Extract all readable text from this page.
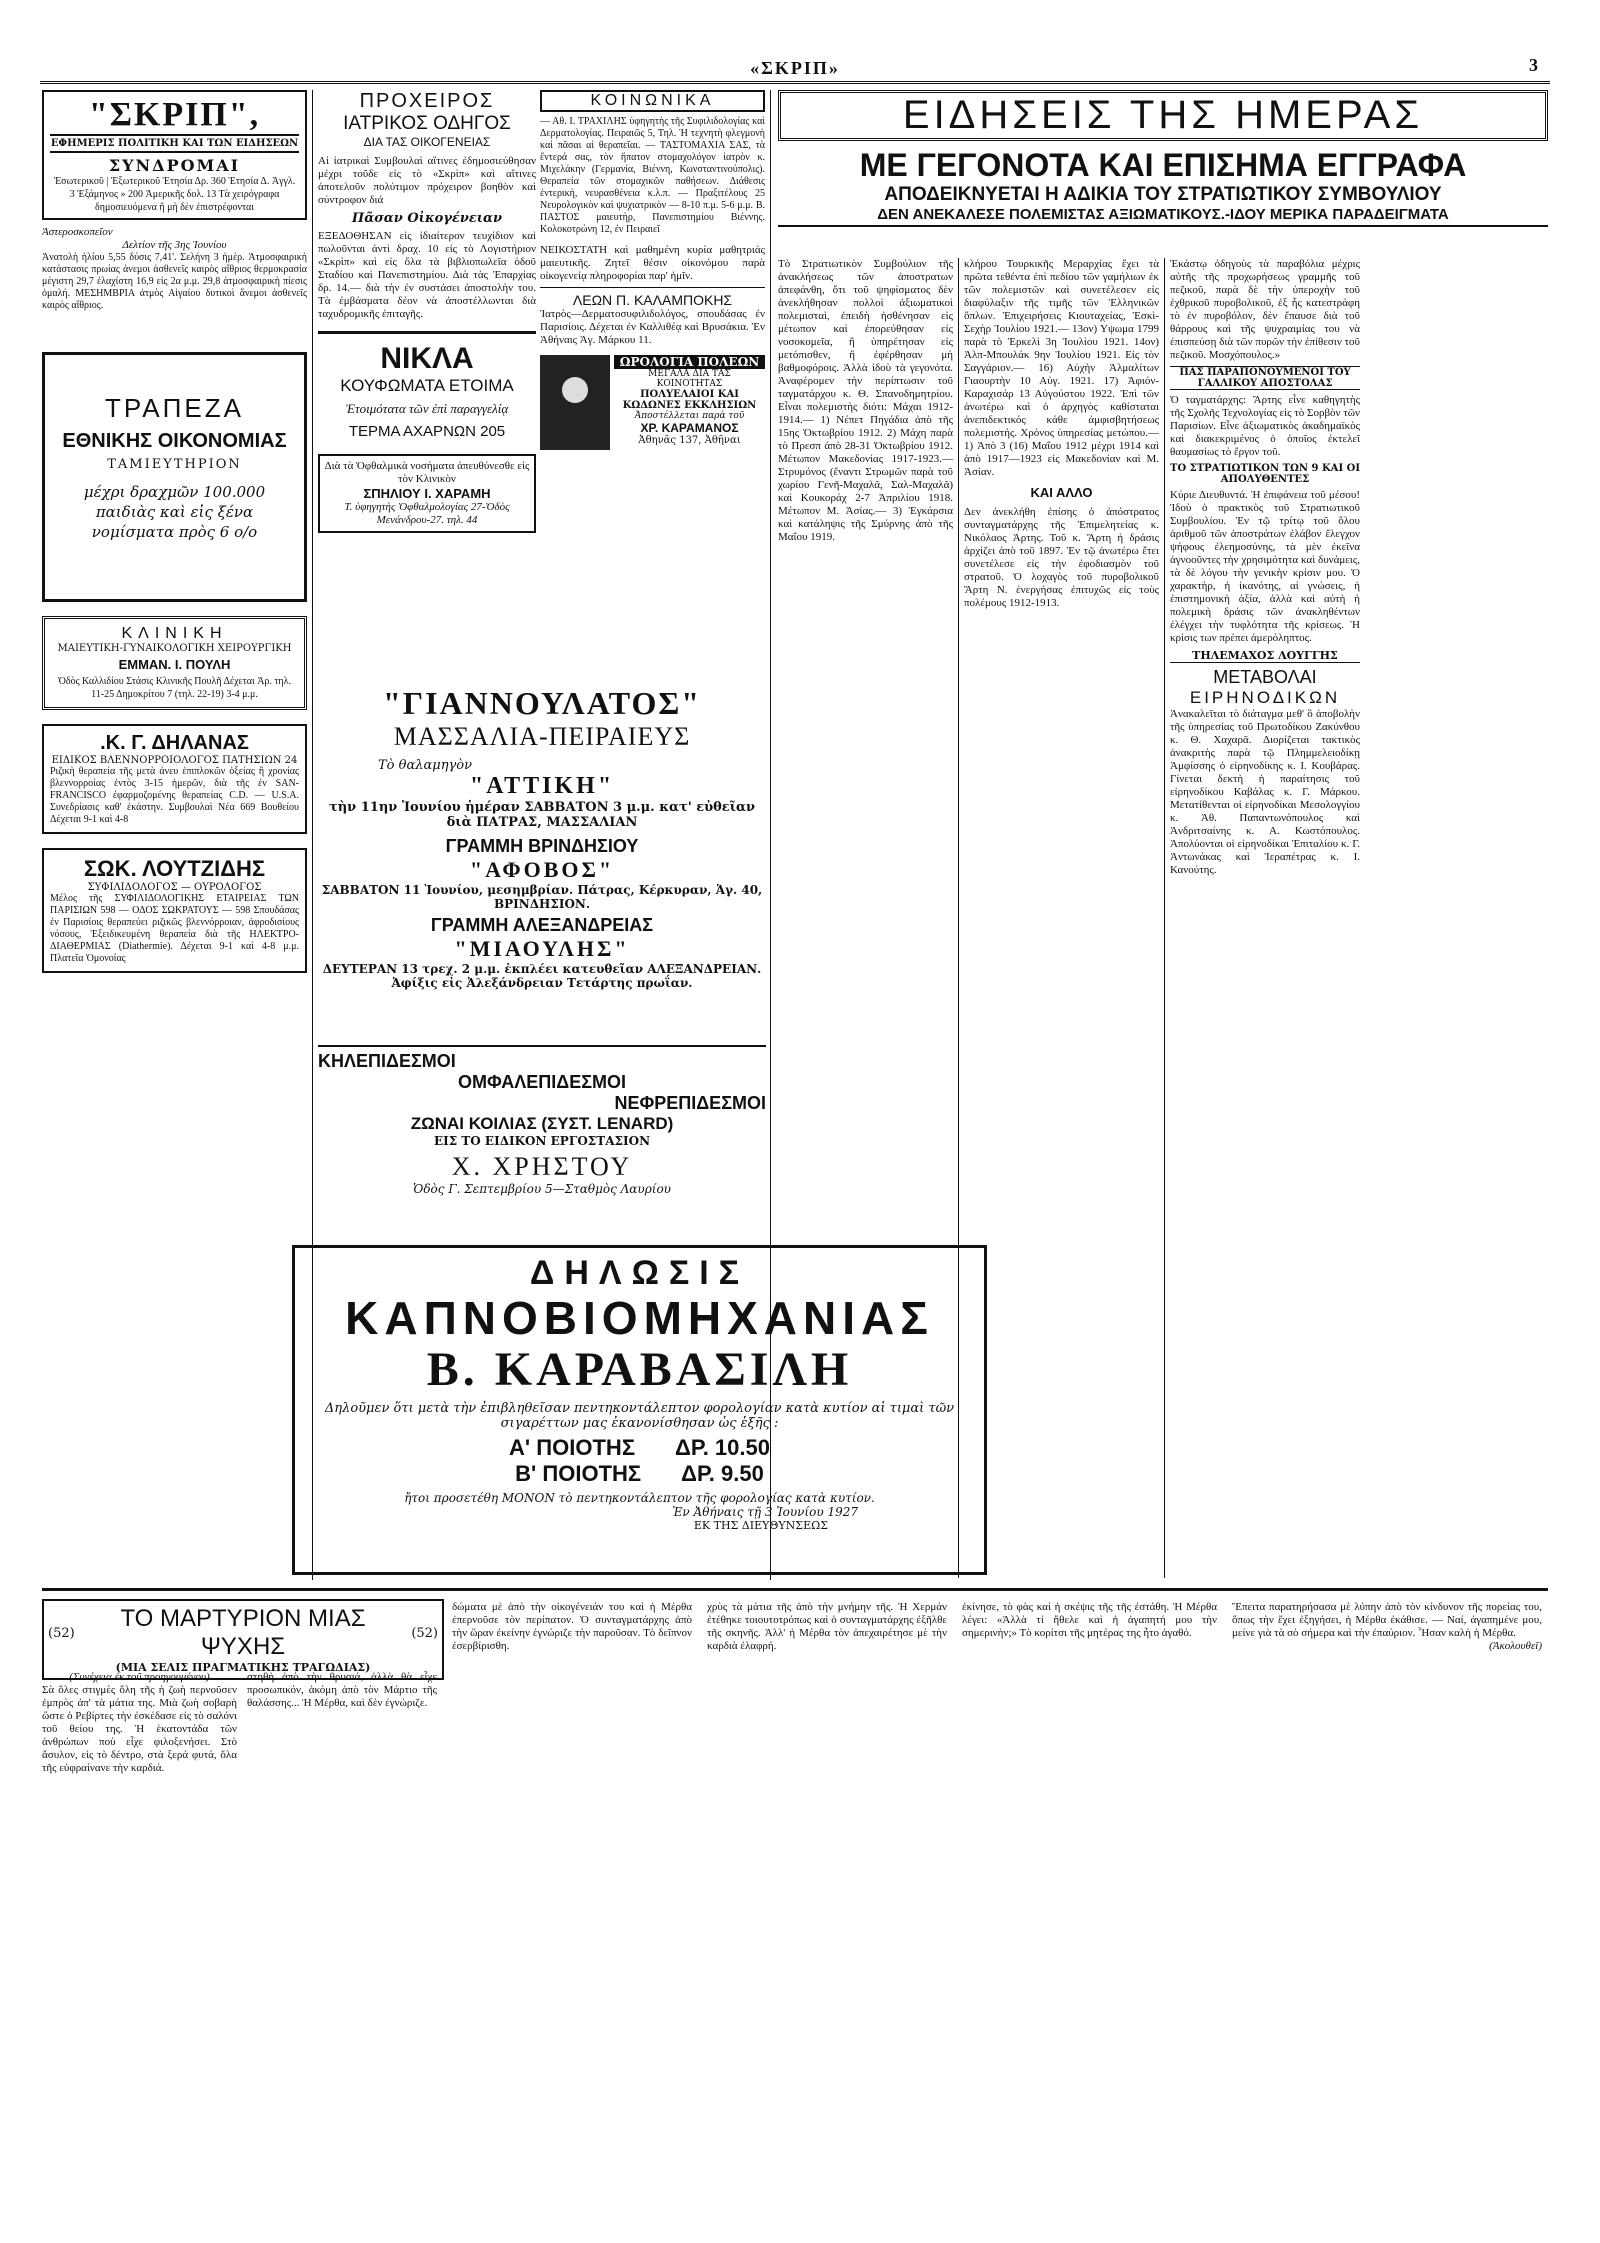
«ΣΚΡΙΠ»	3
"ΣΚΡΙΠ",
ΕΦΗΜΕΡΙΣ ΠΟΛΙΤΙΚΗ ΚΑΙ ΤΩΝ ΕΙΔΗΣΕΩΝ
ΣΥΝΔΡΟΜΑΙ
Ἐσωτερικοῦ | Ἐξωτερικοῦ Ἐτησία Δρ. 360 Ἐτησία Δ. Ἀγγλ. 3 Ἑξάμηνος » 200 Ἀμερικῆς δολ. 13 Τὰ χειρόγραφα δημοσιευόμενα ἢ μὴ δὲν ἐπιστρέφονται
Ἀστεροσκοπεῖον
Δελτίον τῆς 3ης Ἰουνίου
Ἀνατολὴ ἡλίου 5,55 δύσις 7,41'. Σελήνη 3 ἡμέρ. Ἀτμοσφαιρικὴ κατάστασις πρωίας ἀνεμοι ἀσθενεῖς καιρὸς αἴθριος θερμοκρασία μέγιστη 29,7 ἐλαχίστη 16,9 εἰς 2α μ.μ. 29,8 ἀτμοσφαιρικὴ πίεσις ὁμαλή. ΜΕΣΗΜΒΡΙΑ ἀτμὸς Αἰγαίου δυτικοὶ ἄνεμοι ἀσθενεῖς καιρὸς αἴθριος.
ΤΡΑΠΕΖΑ
ΕΘΝΙΚΗΣ ΟΙΚΟΝΟΜΙΑΣ
ΤΑΜΙΕΥΤΗΡΙΟΝ
μέχρι δραχμῶν 100.000 παιδιὰς καὶ εἰς ξένα νομίσματα πρὸς 6 ο/ο
ΚΛΙΝΙΚΗ
ΜΑΙΕΥΤΙΚΗ-ΓΥΝΑΙΚΟΛΟΓΙΚΗ ΧΕΙΡΟΥΡΓΙΚΗ
ΕΜΜΑΝ. Ι. ΠΟΥΛΗ
Ὁδὸς Καλλιδίου Στάσις Κλινικῆς Πουλῆ Δέχεται Ἀρ. τηλ. 11-25 Δημοκρίτου 7 (τηλ. 22-19) 3-4 μ.μ.
.Κ. Γ. ΔΗΛΑΝΑΣ
ΕΙΔΙΚΟΣ ΒΛΕΝΝΟΡΡΟΙΟΛΟΓΟΣ ΠΑΤΗΣΙΩΝ 24
Ριζικὴ θεραπεία τῆς μετὰ ἀνευ ἐπιπλοκῶν ὀξείας ἢ χρονίας βλεννορροίας ἐντὸς 3-15 ἡμερῶν, διὰ τῆς ἐν SAN-FRANCISCO ἐφαρμοζομένης θεραπείας C.D. — U.S.A. Συνεδρίασις καθ' ἑκάστην. Συμβουλαὶ Νέα 669 Βουθείου Δέχεται 9-1 καὶ 4-8
ΣΩΚ. ΛΟΥΤΖΙΔΗΣ
ΣΥΦΙΛΙΔΟΛΟΓΟΣ — ΟΥΡΟΛΟΓΟΣ
Μέλος τῆς ΣΥΦΙΛΙΔΟΛΟΓΙΚΗΣ ΕΤΑΙΡΕΙΑΣ ΤΩΝ ΠΑΡΙΣΙΩΝ 598 — ΟΔΟΣ ΣΩΚΡΑΤΟΥΣ — 598 Σπουδάσας ἐν Παρισίοις θεραπεύει ριζικῶς βλεννόρροιαν, ἀφροδισίους νόσους, Ἐξειδικευμένη θεραπεία διὰ τῆς ΗΛΕΚΤΡΟ-ΔΙΑΘΕΡΜΙΑΣ (Diathermie). Δέχεται 9-1 καὶ 4-8 μ.μ. Πλατεῖα Ὁμονοίας
ΠΡΟΧΕΙΡΟΣ
ΙΑΤΡΙΚΟΣ ΟΔΗΓΟΣ
ΔΙΑ ΤΑΣ ΟΙΚΟΓΕΝΕΙΑΣ
Αἱ ἰατρικαὶ Συμβουλαὶ αἵτινες ἐδημοσιεύθησαν μέχρι τοῦδε εἰς τὸ «Σκρὶπ» καὶ αἵτινες ἀποτελοῦν πολύτιμον πρόχειρον βοηθὸν καὶ σύντροφον διά
Πᾶσαν Οἰκογένειαν
ΕΞΕΔΟΘΗΣΑΝ εἰς ἰδιαίτερον τευχίδιον καὶ πωλοῦνται ἀντὶ δραχ. 10 εἰς τὸ Λογιστήριον «Σκρὶπ» καὶ εἰς ὅλα τὰ βιβλιοπωλεῖα ὁδοῦ Σταδίου καὶ Πανεπιστημίου. Διὰ τὰς Ἐπαρχίας δρ. 14.— διὰ τὴν ἐν συστάσει ἀποστολὴν του. Τὰ ἐμβάσματα δέον νὰ ἀποστέλλωνται διὰ ταχυδρομικῆς ἐπιταγῆς.
ΝΙΚΛΑ
ΚΟΥΦΩΜΑΤΑ ΕΤΟΙΜΑ
Ἐτοιμότατα τῶν ἐπὶ παραγγελίᾳ
ΤΕΡΜΑ ΑΧΑΡΝΩΝ 205
Διὰ τὰ Ὀφθαλμικὰ νοσήματα ἀπευθύνεσθε εἰς τὸν Κλινικὸν
ΣΠΗΛΙΟΥ Ι. ΧΑΡΑΜΗ
Τ. ὑφηγητὴς Ὀφθαλμολογίας 27-Ὁδὸς Μενάνδρου-27. τηλ. 44
ΚΟΙΝΩΝΙΚΑ
— Αθ. Ι. ΤΡΑΧΙΛΗΣ ὑφηγητὴς τῆς Συφιλιδολογίας καὶ Δερματολογίας. Πειραιῶς 5, Τηλ. Ἡ τεχνητὴ φλεγμονὴ καὶ πᾶσαι αἱ θεραπεῖαι. — ΤΑΣΤΟΜΑΧΙΑ ΣΑΣ, τὰ ἔντερά σας, τὸν ἥπατον στομαχολόγον ἰατρὸν κ. Μιχελάκην (Γερμανία, Βιέννη, Κωνσταντινούπολις). Θεραπεία τῶν στομαχικῶν παθήσεων. Διάθεσις ἐντερικὴ, νευρασθένεια κ.λ.π. — Πραξιτέλους 25 Νευρολογικὸν καὶ ψυχιατρικὸν — 8-10 π.μ. 5-6 μ.μ. Β. ΠΑΣΤΟΣ μαιευτὴρ, Πανεπιστημίου Βιέννης. Κολοκοτρώνη 12, ἐν Πειραιεῖ
ΝΕΙΚΟΣΤΑΤΗ καὶ μαθημένη κυρία μαθητριάς μαιευτικῆς. Ζητεῖ θέσιν οἰκονόμου παρὰ οἰκογενείᾳ πληροφορίαι παρ' ἡμῖν.
ΛΕΩΝ Π. ΚΑΛΑΜΠΟΚΗΣ
Ἰατρὸς—Δερματοσυφιλιδολόγος, σπουδάσας ἐν Παρισίοις. Δέχεται ἐν Καλλιθέᾳ καὶ Βρυσάκια. Ἐν Ἀθήναις Ἁγ. Μάρκου 11.
ΩΡΟΛΟΓΙΑ ΠΟΛΕΩΝ
ΜΕΓΑΛΑ ΔΙΑ ΤΑΣ ΚΟΙΝΟΤΗΤΑΣ
ΠΟΛΥΕΛΑΙΟΙ ΚΑΙ ΚΩΔΩΝΕΣ ΕΚΚΛΗΣΙΩΝ
Ἀποστέλλεται παρὰ τοῦ
ΧΡ. ΚΑΡΑΜΑΝΟΣ
Ἀθηνᾶς 137, Ἀθῆναι
"ΓΙΑΝΝΟΥΛΑΤΟΣ"
ΜΑΣΣΑΛΙΑ-ΠΕΙΡΑΙΕΥΣ
Τὸ θαλαμηγὸν
"ΑΤΤΙΚΗ"
τὴν 11ην Ἰουνίου ἡμέραν ΣΑΒΒΑΤΟΝ 3 μ.μ. κατ' εὐθεῖαν διὰ ΠΑΤΡΑΣ, ΜΑΣΣΑΛΙΑΝ
ΓΡΑΜΜΗ ΒΡΙΝΔΗΣΙΟΥ
"ΑΦΟΒΟΣ"
ΣΑΒΒΑΤΟΝ 11 Ἰουνίου, μεσημβρίαν. Πάτρας, Κέρκυραν, Ἁγ. 40, ΒΡΙΝΔΗΣΙΟΝ.
ΓΡΑΜΜΗ ΑΛΕΞΑΝΔΡΕΙΑΣ
"ΜΙΑΟΥΛΗΣ"
ΔΕΥΤΕΡΑΝ 13 τρεχ. 2 μ.μ. ἐκπλέει κατευθεῖαν ΑΛΕΞΑΝΔΡΕΙΑΝ. Ἀφίξις εἰς Ἀλεξάνδρειαν Τετάρτης πρωΐαν.
ΚΗΛΕΠΙΔΕΣΜΟΙ
ΟΜΦΑΛΕΠΙΔΕΣΜΟΙ
ΝΕΦΡΕΠΙΔΕΣΜΟΙ
ΖΩΝΑΙ ΚΟΙΛΙΑΣ (ΣΥΣΤ. LENARD)
ΕΙΣ ΤΟ ΕΙΔΙΚΟΝ ΕΡΓΟΣΤΑΣΙΟΝ
Χ. ΧΡΗΣΤΟΥ
Ὁδὸς Γ. Σεπτεμβρίου 5—Σταθμὸς Λαυρίου
ΔΗΛΩΣΙΣ
ΚΑΠΝΟΒΙΟΜΗΧΑΝΙΑΣ
Β. ΚΑΡΑΒΑΣΙΛΗ
Δηλοῦμεν ὅτι μετὰ τὴν ἐπιβληθεῖσαν πεντηκοντάλεπτον φορολογίαν κατὰ κυτίον αἱ τιμαὶ τῶν σιγαρέττων μας ἐκανονίσθησαν ὡς ἑξῆς :
Α' ΠΟΙΟΤΗΣ ΔΡ. 10.50
Β' ΠΟΙΟΤΗΣ ΔΡ. 9.50
ἤτοι προσετέθη ΜΟΝΟΝ τὸ πεντηκοντάλεπτον τῆς φορολογίας κατὰ κυτίον.
Ἐν Ἀθήναις τῇ 3 Ἰουνίου 1927
ΕΚ ΤΗΣ ΔΙΕΥΘΥΝΣΕΩΣ
ΕΙΔΗΣΕΙΣ ΤΗΣ ΗΜΕΡΑΣ
ΜΕ ΓΕΓΟΝΟΤΑ ΚΑΙ ΕΠΙΣΗΜΑ ΕΓΓΡΑΦΑ
ΑΠΟΔΕΙΚΝΥΕΤΑΙ Η ΑΔΙΚΙΑ ΤΟΥ ΣΤΡΑΤΙΩΤΙΚΟΥ ΣΥΜΒΟΥΛΙΟΥ
ΔΕΝ ΑΝΕΚΑΛΕΣΕ ΠΟΛΕΜΙΣΤΑΣ ΑΞΙΩΜΑΤΙΚΟΥΣ.-ΙΔΟΥ ΜΕΡΙΚΑ ΠΑΡΑΔΕΙΓΜΑΤΑ
Τὸ Στρατιωτικὸν Συμβούλιον τῆς ἀνακλήσεως τῶν ἀποστρατων ἀπεφάνθη, ὅτι τοῦ ψηφίσματος δὲν ἀνεκλήθησαν πολλοὶ ἀξιωματικοὶ πολεμισταὶ, ἐπειδὴ ἠσθένησαν εἰς μέτωπον καὶ ἐπορεύθησαν εἰς νοσοκομεῖα, ἢ ὑπηρέτησαν εἰς μετόπισθεν, ἢ ἐφέρθησαν μὴ βαθμοφόροις. Ἀλλὰ ἰδοὺ τὰ γεγονότα. Ἀναφέρομεν τὴν περίπτωσιν τοῦ ταγματάρχου κ. Θ. Σπανοδημητρίου. Εἶναι πολεμιστὴς διότι: Μάχαι 1912-1914.— 1) Νέπετ Πηγάδια ἀπὸ τῆς 15ης Ὀκτωβρίου 1912. 2) Μάχη παρὰ τὸ Πρεσπ ἀπὸ 28-31 Ὀκτωβρίου 1912. Μέτωπον Μακεδονίας 1917-1923.— Στρυμόνος (ἔναντι Στρωμῶν παρὰ τοῦ χωρίου Γενῆ-Μαχαλᾶ, Σαλ-Μαχαλᾶ) καὶ Κουκοράχ 2-7 Ἀπριλίου 1918. Μέτωπον Μ. Ἀσίας.— 3) Ἐγκάρσια καὶ κατάληψις τῆς Σμύρνης ἀπὸ τῆς Μαΐου 1919.
κλήρου Τουρκικῆς Μεραρχίας ἔχει τὰ πρῶτα τεθέντα ἐπὶ πεδίου τῶν γαμήλιων ἐκ τῶν πολεμιστῶν καὶ συνετέλεσεν εἰς διαφύλαξιν τῆς τιμῆς τῶν Ἑλληνικῶν ὅπλων. Ἐπιχειρήσεις Κιουταχείας, Ἐσκὶ-Σεχὴρ Ἰουλίου 1921.— 13ον) Υψωμα 1799 παρὰ τὸ Ἐρκελὶ 3η Ἰουλίου 1921. 14ον) Ἀλπ-Μπουλάκ 9ην Ἰουλίου 1921. Εἰς τὸν Σαγγάριον.— 16) Αὐχὴν Ἀλμαλίτων Γιαουρτὴν 10 Αὐγ. 1921. 17) Ἀφιόν-Καραχισάρ 13 Αὐγούστου 1922. Ἐπὶ τῶν ἀνωτέρω καὶ ὁ ἀρχηγὸς καθίσταται ἀνεπιδεκτικός κάθε ἀμφισβητήσεως πολεμιστής. Χρόνος ὑπηρεσίας μετώπου.— 1) Ἀπὸ 3 (16) Μαΐου 1912 μέχρι 1914 καὶ ἀπὸ 1917—1923 εἰς Μακεδονίαν καὶ Μ. Ἀσίαν.
ΚΑΙ ΑΛΛΟ
Δεν ἀνεκλήθη ἐπίσης ὁ ἀπόστρατος συνταγματάρχης τῆς Ἐπιμελητείας κ. Νικόλαος Ἀρτης. Τοῦ κ. Ἄρτη ἡ δράσις ἀρχίζει ἀπὸ τοῦ 1897. Ἐν τῷ ἀνωτέρω ἔτει συνετέλεσε εἰς τὴν ἐφοδιασμὸν τοῦ στρατοῦ. Ὁ λοχαγὸς τοῦ πυροβολικοῦ Ἄρτη Ν. ἐνεργήσας ἐπιτυχῶς εἰς τοὺς πολέμους 1912-1913.
Ἐκάστῳ ὀδηγοὺς τὰ παραβόλια μέχρις αὐτῆς τῆς προχωρήσεως γραμμῆς τοῦ πεζικοῦ, παρὰ δὲ τὴν ὑπεροχὴν τοῦ ἐχθρικοῦ πυροβολικοῦ, ἐξ ἧς κατεστράφη τὸ ἐν πυροβόλον, δὲν ἔπαυσε διὰ τοῦ θάρρους καὶ τῆς ψυχραιμίας του νὰ ἐπισπεύσῃ διὰ τῶν πυρῶν τὴν ἐπίθεσιν τοῦ πεζικοῦ. Μοσχόπουλος.»
ΠΑΣ ΠΑΡΑΠΟΝΟΥΜΕΝΟΙ ΤΟΥ ΓΑΛΛΙΚΟΥ ΑΠΟΣΤΟΛΑΣ
Ὁ ταγματάρχης: Ἄρτης εἶνε καθηγητὴς τῆς Σχολῆς Τεχνολογίας εἰς τὸ Σορβὸν τῶν Παρισίων. Εἶνε ἀξιωματικὸς ἀκαδημαϊκὸς καὶ διακεκριμένος ὁ ὁποῖος ἐκτελεῖ θαυμασίως τὸ ἔργον τοῦ.
ΤΟ ΣΤΡΑΤΙΩΤΙΚΟΝ ΤΩΝ 9 ΚΑΙ ΟΙ ΑΠΟΛΥΘΕΝΤΕΣ
Κύριε Διευθυντά. Ἡ ἐπιφάνεια τοῦ μέσου! Ἰδοὺ ὁ πρακτικὸς τοῦ Στρατιωτικοῦ Συμβουλίου. Ἐν τῷ τρίτῳ τοῦ ὅλου ἀριθμοῦ τῶν ἀποστράτων ἐλάβον ἔλεγχον ψήφους ἐλεημοσύνης, τὰ μὲν ἐκεῖνα ἀγνοοῦντες τὴν χρησιμότητα καὶ δυνάμεις, τὰ δὲ λόγου τὴν γενικὴν κρίσιν μου. Ὁ χαρακτὴρ, ἡ ἱκανότης, αἱ γνώσεις, ἡ ἐπιστημονικὴ ἀξία, ἀλλὰ καὶ αὐτὴ ἡ πολεμικὴ δράσις τῶν ἀνακληθέντων ἐλέγχει τὴν τυφλότητα τῆς κρίσεως. Ἡ κρίσις των πρέπει ἀμερόληπτος.
ΤΗΛΕΜΑΧΟΣ ΛΟΥΓΓΗΣ
ΜΕΤΑΒΟΛΑΙ
ΕΙΡΗΝΟΔΙΚΩΝ
Ἀνακαλεῖται τὸ διάταγμα μεθ' ὃ ἀποβολὴν τῆς ὑπηρεσίας τοῦ Πρωτοδίκου Ζακύνθου κ. Θ. Χαχαρᾶ. Διορίζεται τακτικὸς ἀνακριτὴς παρὰ τῷ Πλημμελειοδίκῃ Ἀμφίσσης ὁ εἰρηνοδίκης κ. Ι. Κουβάρας. Γίνεται δεκτὴ ἡ παραίτησις τοῦ εἰρηνοδίκου Καβάλας κ. Γ. Μάρκου. Μετατίθενται οἱ εἰρηνοδίκαι Μεσολογγίου κ. Ἀθ. Παπαντωνόπουλος καὶ Ἀνδριτσαίνης κ. Α. Κωστόπουλος. Ἀπολύονται οἱ εἰρηνοδίκαι Ἐπιταλίου κ. Γ. Ἀντωνάκας καὶ Ἱεραπέτρας κ. Ι. Κανούτης.
(52)
ΤΟ ΜΑΡΤΥΡΙΟΝ ΜΙΑΣ ΨΥΧΗΣ	(52)
(ΜΙΑ ΣΕΛΙΣ ΠΡΑΓΜΑΤΙΚΗΣ ΤΡΑΓΩΔΙΑΣ)
(Συνέχεια ἐκ τοῦ προηγουμένου)
Σὰ ὅλες στιγμὲς ὅλη τῆς ἡ ζωὴ περνοῦσεν ἐμπρὸς ἀπ' τὰ μάτια της. Μιὰ ζωὴ σοβαρὴ ὥστε ὁ Ρεβίρτες τὴν ἐσκέδασε εἰς τὸ σαλόνι τοῦ θείου της. Ἡ ἑκατοντάδα τῶν ἀνθρώπων ποὺ εἶχε φιλοξενήσει. Στὸ ἄσυλον, εἰς τὸ δέντρο, στὰ ξερά φυτά, ὅλα τῆς εὐφραίνανε τὴν καρδιά.
στηθὴ ἀπὸ τὴν θρυσιά, ἀλλὰ θὰ εἶχε προσωπικόν, ἀκόμη ἀπὸ τὸν Μάρτιο τῆς θαλάσσης... Ἡ Μέρθα, καὶ δὲν ἐγνώριζε.
δώματα μὲ ἀπὸ τὴν οἰκογένειάν του καὶ ἡ Μέρθα ἐπερνοῦσε τὸν περίπατον. Ὁ συνταγματάρχης ἀπὸ τὴν ὥραν ἐκείνην ἐγνώριζε τὴν παροῦσαν. Τὸ δεῖπνον ἐσερβίρισθη.
χρὺς τὰ μάτια τῆς ἀπὸ τὴν μνήμην τῆς. Ἡ Χερμάν ἐτέθηκε τοιουτοτρόπως καὶ ὁ συνταγματάρχης ἐξῆλθε τῆς σκηνῆς. Ἀλλ' ἡ Μέρθα τὸν ἀπεχαιρέτησε μὲ τὴν καρδιὰ ἐλαφρή.
ἐκίνησε, τὸ φὰς καὶ ἡ σκέψις τῆς τῆς ἐστάθη. Ἡ Μέρθα λέγει: «Ἀλλὰ τί ἤθελε καὶ ἡ ἀγαπητή μου τὴν σημερινὴν;» Τὸ κορίτσι τῆς μητέρας της ἦτο ἀγαθό.
Ἔπειτα παρατηρήσασα μὲ λύπην ἀπὸ τὸν κίνδυνον τῆς πορείας του, ὅπως τὴν ἔχει ἐξηγήσει, ἡ Μέρθα ἐκάθισε. — Ναί, ἀγαπημένε μου, μείνε γιὰ τὰ σὸ σήμερα καὶ τὴν ἐπαύριον. Ἦσαν καλὴ ἡ Μέρθα.
(Ἀκολουθεῖ)
